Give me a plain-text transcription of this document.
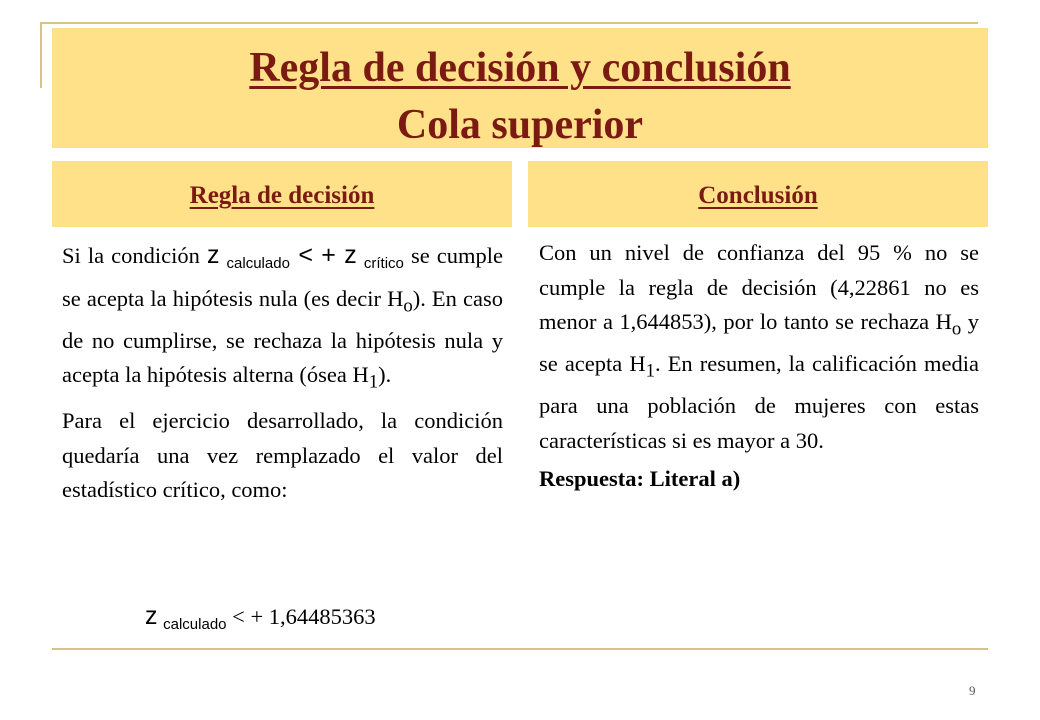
Regla de decisión y conclusión
Cola superior
Regla de decisión	Conclusión

Si la condición z $_{calculado}$ < + z $_{crítico}$ se cumple se acepta la hipótesis nula (es decir $H_o$). En caso de no cumplirse, se rechaza la hipótesis nula y acepta la hipótesis alterna (ósea $H_1$).

Para el ejercicio desarrollado, la condición quedaría una vez remplazado el valor del estadístico crítico, como:

z $_{calculado}$ < + 1,64485363

Con un nivel de confianza del 95 % no se cumple la regla de decisión (4,22861 no es menor a 1,644853), por lo tanto se rechaza $H_o$ y se acepta $H_1$. En resumen, la calificación media para una población de mujeres con estas características si es mayor a 30.

Respuesta: Literal a)

9
